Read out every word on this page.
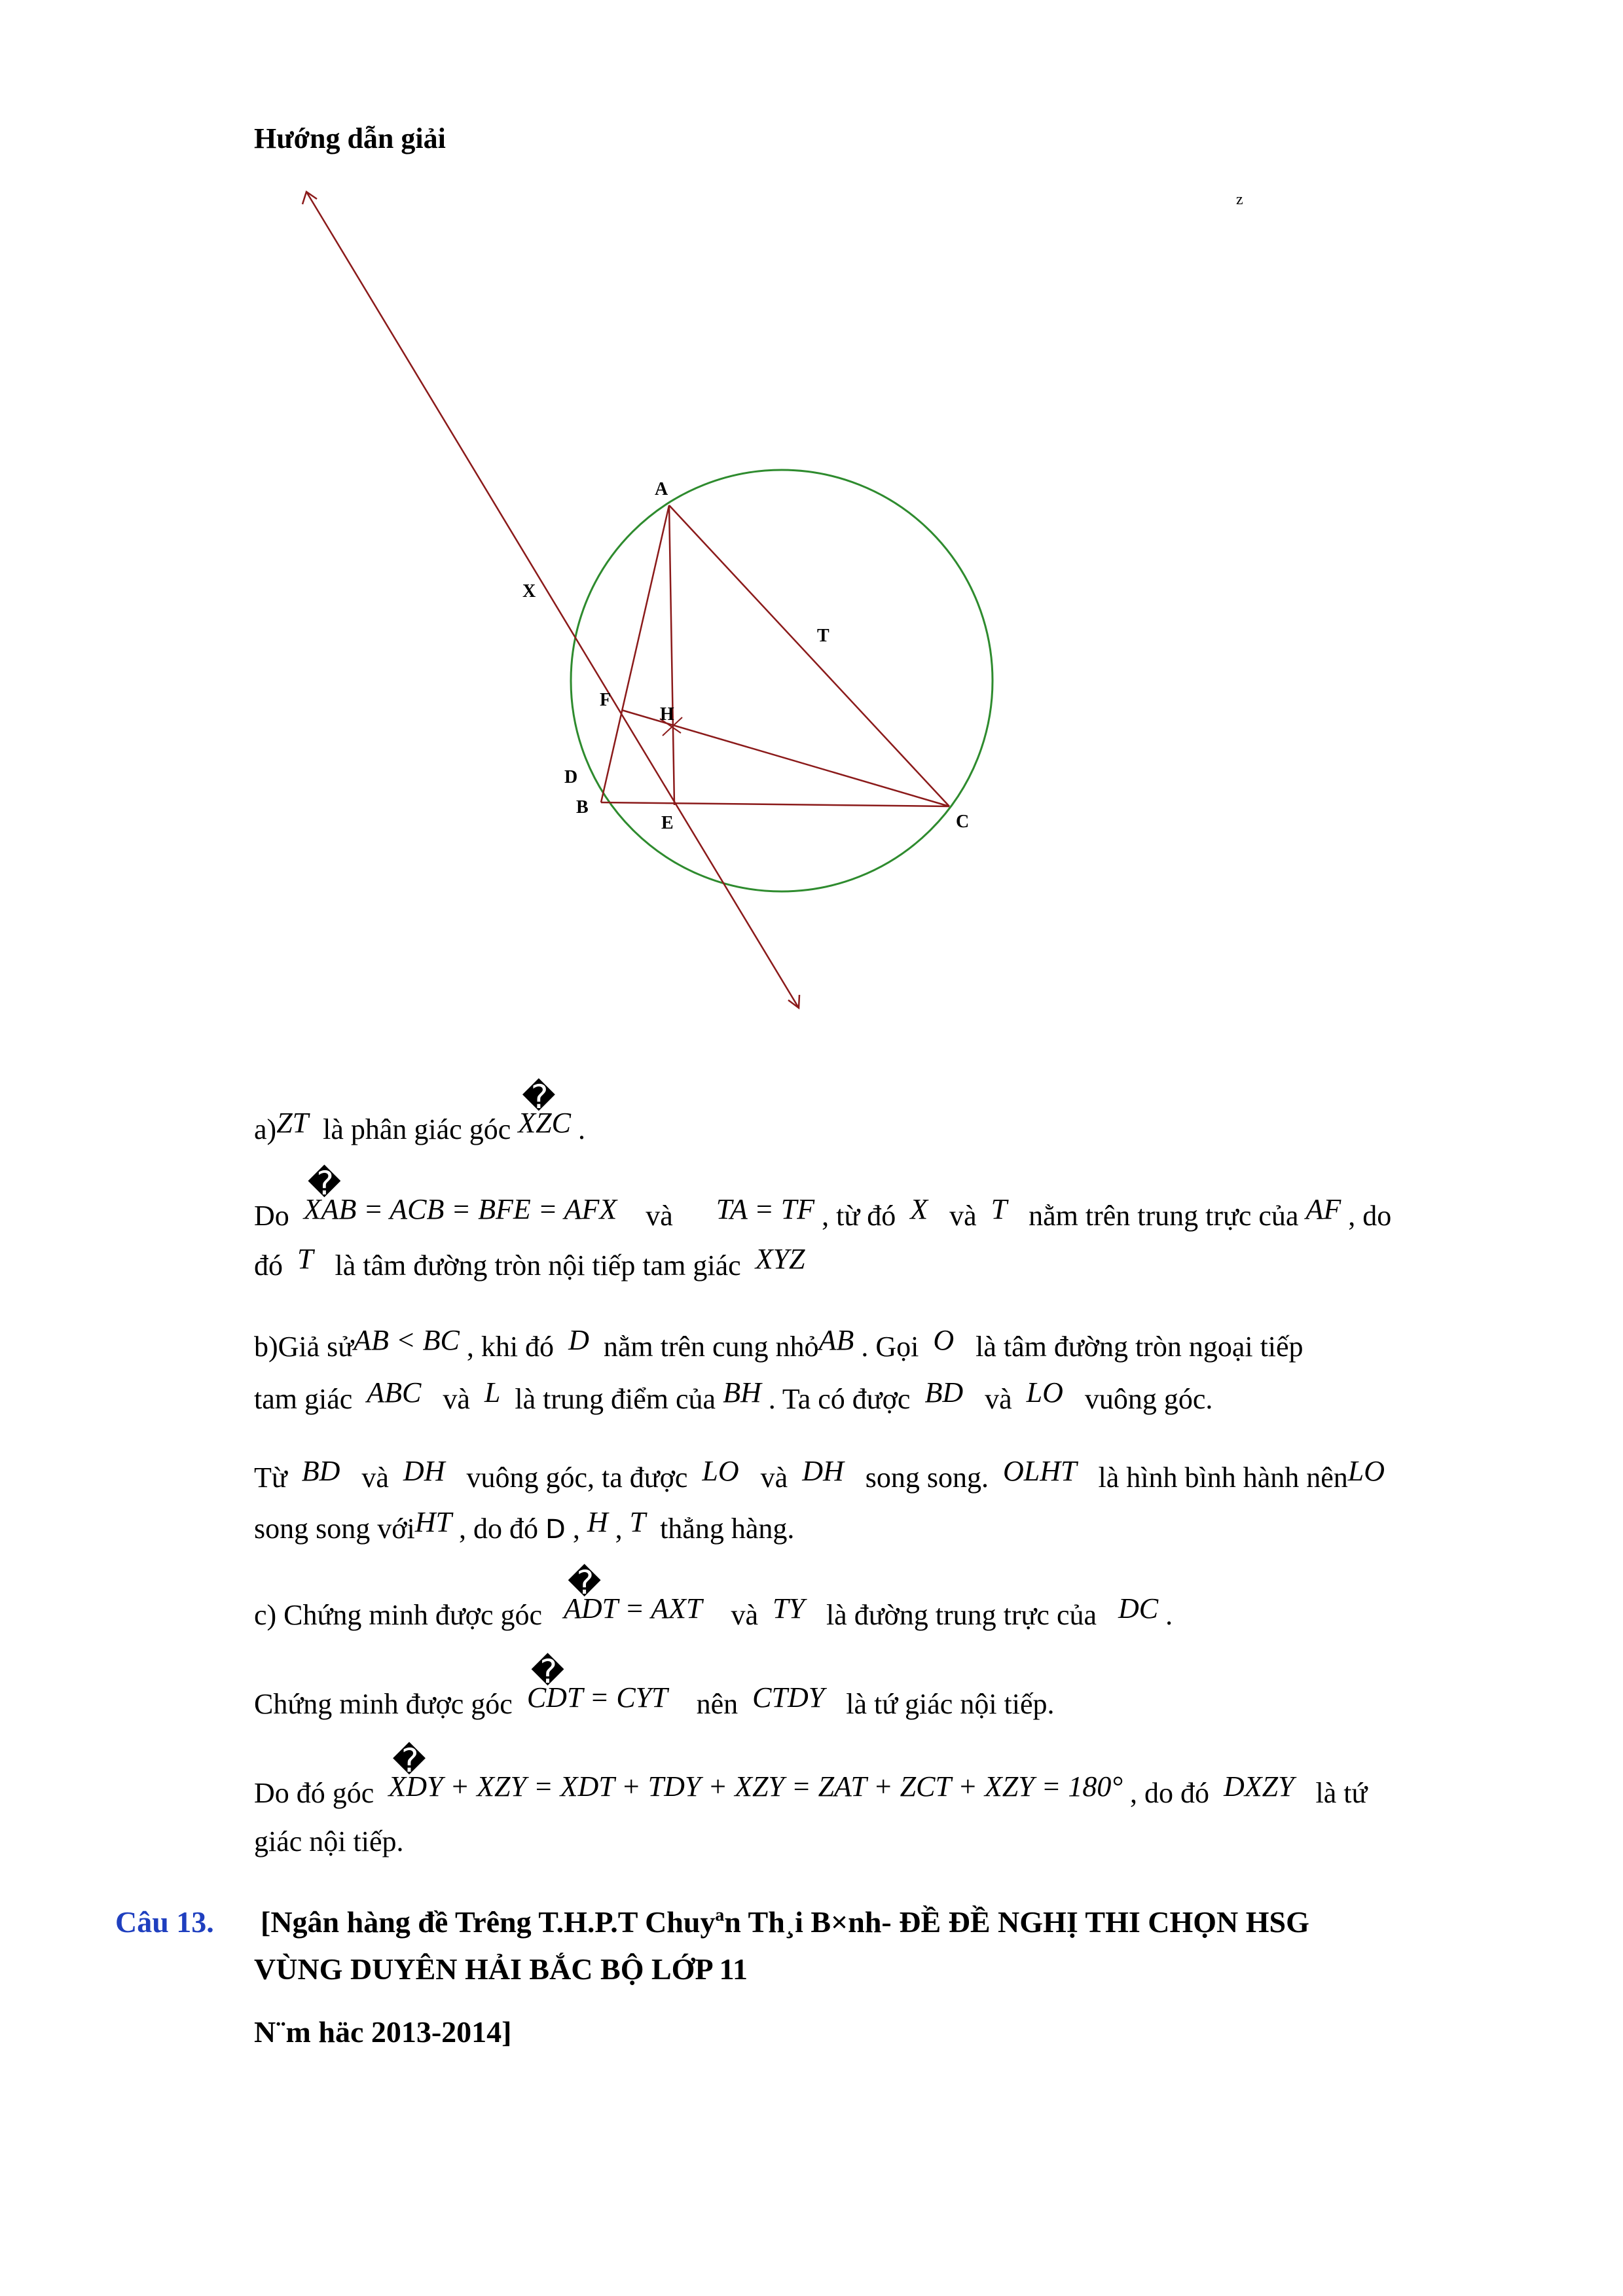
Hướng dẫn giải
z
A
X
T
F
H
D
B
E	C
a)ZT là phân giác góc � XZC .
Do � XAB = ACB = BFE = AFX và TA = TF , từ đó X và T nằm trên trung trực của AF , do
đó T là tâm đường tròn nội tiếp tam giác XYZ
b)Giả sửAB < BC , khi đó D nằm trên cung nhỏAB . Gọi O là tâm đường tròn ngoại tiếp
tam giác ABC và L là trung điểm của BH . Ta có được BD và LO vuông góc.
Từ BD và DH vuông góc, ta được LO và DH song song. OLHT là hình bình hành nênLO
song song vớiHT , do đó D , H , T thẳng hàng.
c) Chứng minh được góc � ADT = AXT và TY là đường trung trực của DC .
Chứng minh được góc � CDT = CYT nên CTDY là tứ giác nội tiếp.
Do đó góc � XDY + XZY = XDT + TDY + XZY = ZAT + ZCT + XZY = 180° , do đó DXZY là tứ
giác nội tiếp.
Câu 13. [Ngân hàng đề Trêng T.H.P.T Chuyªn Th¸i B×nh- ĐỀ ĐỀ NGHỊ THI CHỌN HSG
VÙNG DUYÊN HẢI BẮC BỘ LỚP 11
N¨m häc 2013-2014]
